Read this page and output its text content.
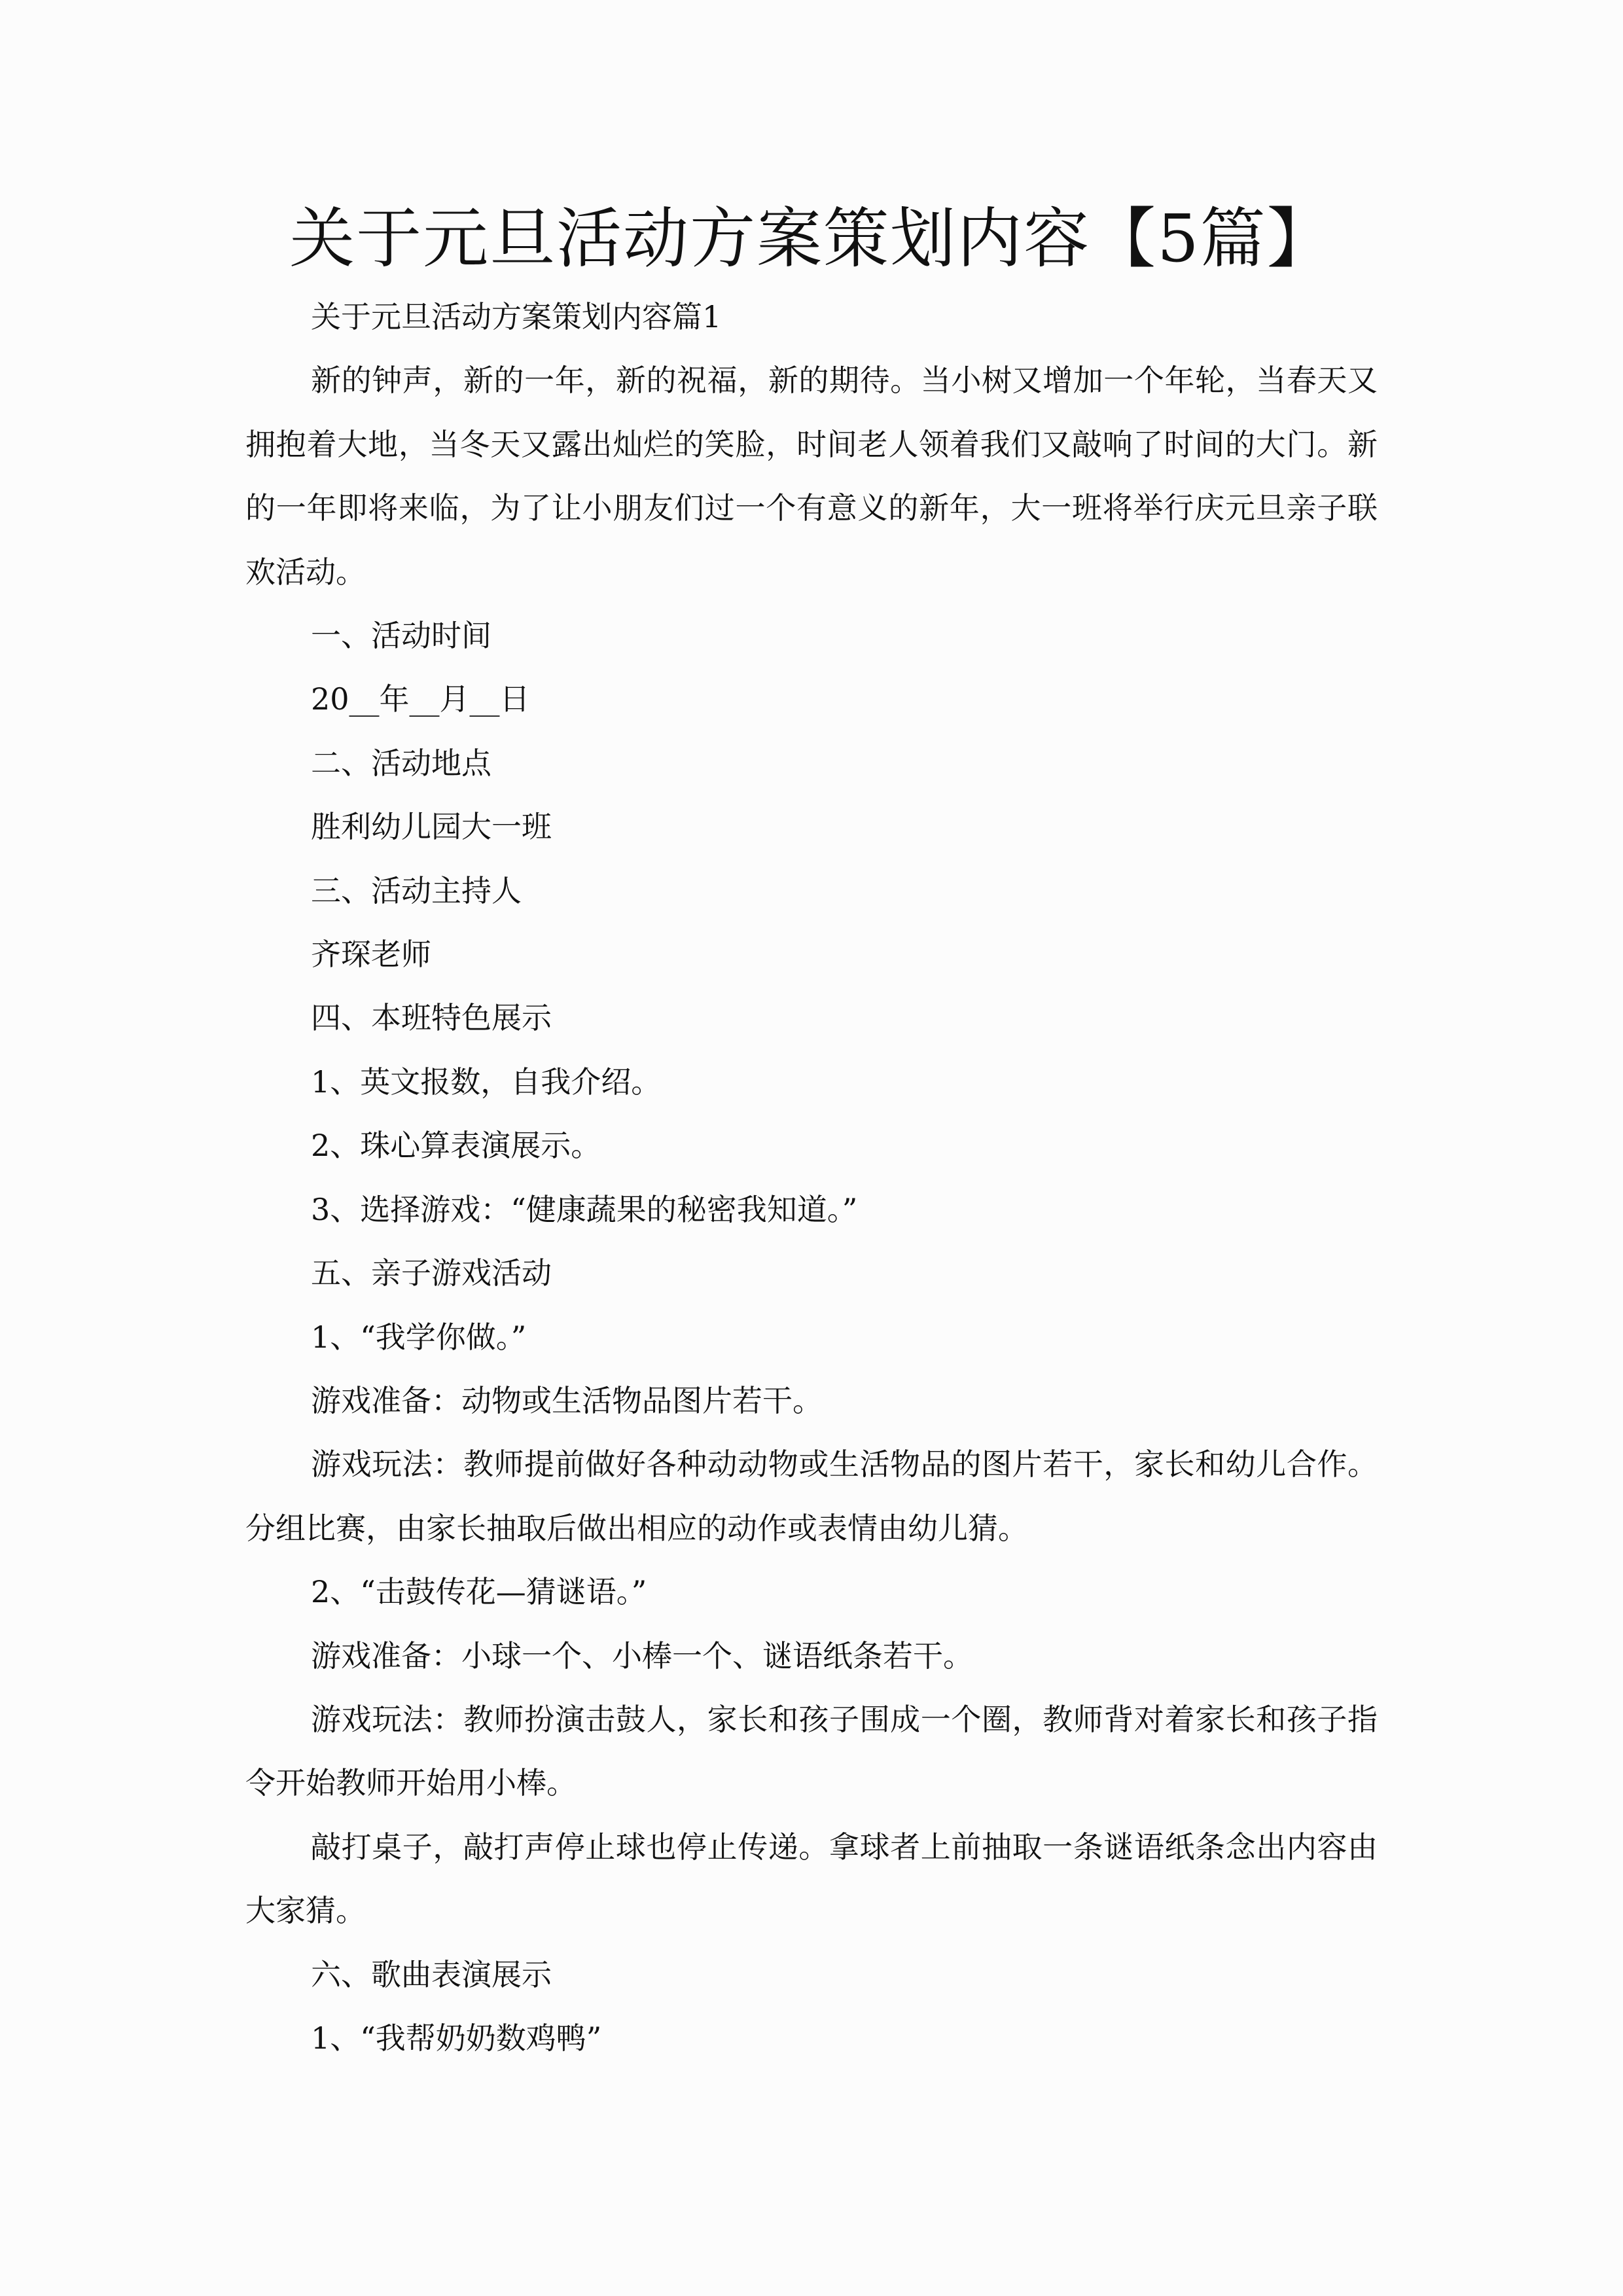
关于元旦活动方案策划内容【5篇】

关于元旦活动方案策划内容篇1

新的钟声，新的一年，新的祝福，新的期待。当小树又增加一个年轮，当春天又拥抱着大地，当冬天又露出灿烂的笑脸，时间老人领着我们又敲响了时间的大门。新的一年即将来临，为了让小朋友们过一个有意义的新年，大一班将举行庆元旦亲子联欢活动。

一、活动时间

20__年__月__日

二、活动地点

胜利幼儿园大一班

三、活动主持人

齐琛老师

四、本班特色展示

1、英文报数，自我介绍。

2、珠心算表演展示。

3、选择游戏：“健康蔬果的秘密我知道。”

五、亲子游戏活动

1、“我学你做。”

游戏准备：动物或生活物品图片若干。

游戏玩法：教师提前做好各种动动物或生活物品的图片若干，家长和幼儿合作。分组比赛，由家长抽取后做出相应的动作或表情由幼儿猜。

2、“击鼓传花—猜谜语。”

游戏准备：小球一个、小棒一个、谜语纸条若干。

游戏玩法：教师扮演击鼓人，家长和孩子围成一个圈，教师背对着家长和孩子指令开始教师开始用小棒。

敲打桌子，敲打声停止球也停止传递。拿球者上前抽取一条谜语纸条念出内容由大家猜。

六、歌曲表演展示

1、“我帮奶奶数鸡鸭”
